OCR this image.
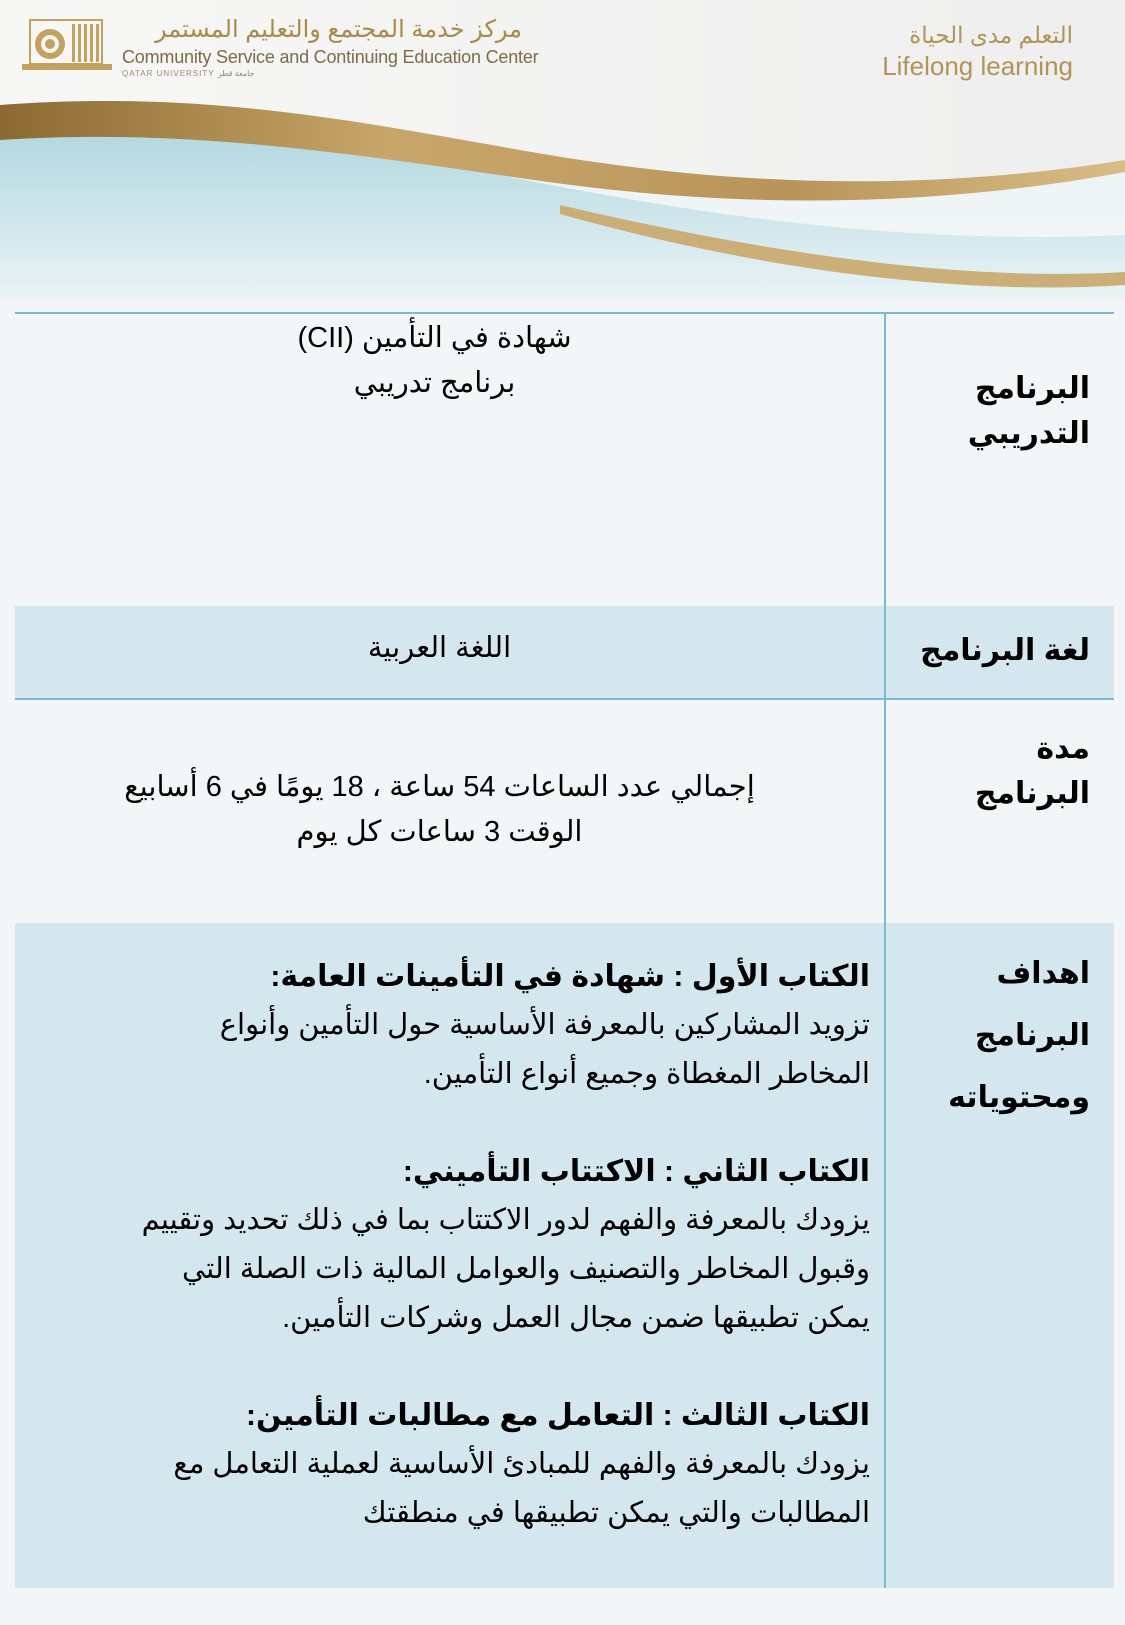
مركز خدمة المجتمع والتعليم المستمر
Community Service and Continuing Education Center
QATAR UNIVERSITY جامعة قطر
التعلم مدى الحياة
Lifelong learning
البرنامج
التدريبي
شهادة في التأمين (CII)
برنامج تدريبي
لغة البرنامج
اللغة العربية
مدة
البرنامج
إجمالي عدد الساعات 54 ساعة ، 18 يومًا في 6 أسابيع
الوقت 3 ساعات كل يوم
اهداف البرنامج
ومحتوياته
الكتاب الأول : شهادة في التأمينات العامة:
تزويد المشاركين بالمعرفة الأساسية حول التأمين وأنواع
المخاطر المغطاة وجميع أنواع التأمين.
الكتاب الثاني : الاكتتاب التأميني:
يزودك بالمعرفة والفهم لدور الاكتتاب بما في ذلك تحديد وتقييم
وقبول المخاطر والتصنيف والعوامل المالية ذات الصلة التي
يمكن تطبيقها ضمن مجال العمل وشركات التأمين.
الكتاب الثالث : التعامل مع مطالبات التأمين:
يزودك بالمعرفة والفهم للمبادئ الأساسية لعملية التعامل مع
المطالبات والتي يمكن تطبيقها في منطقتك
